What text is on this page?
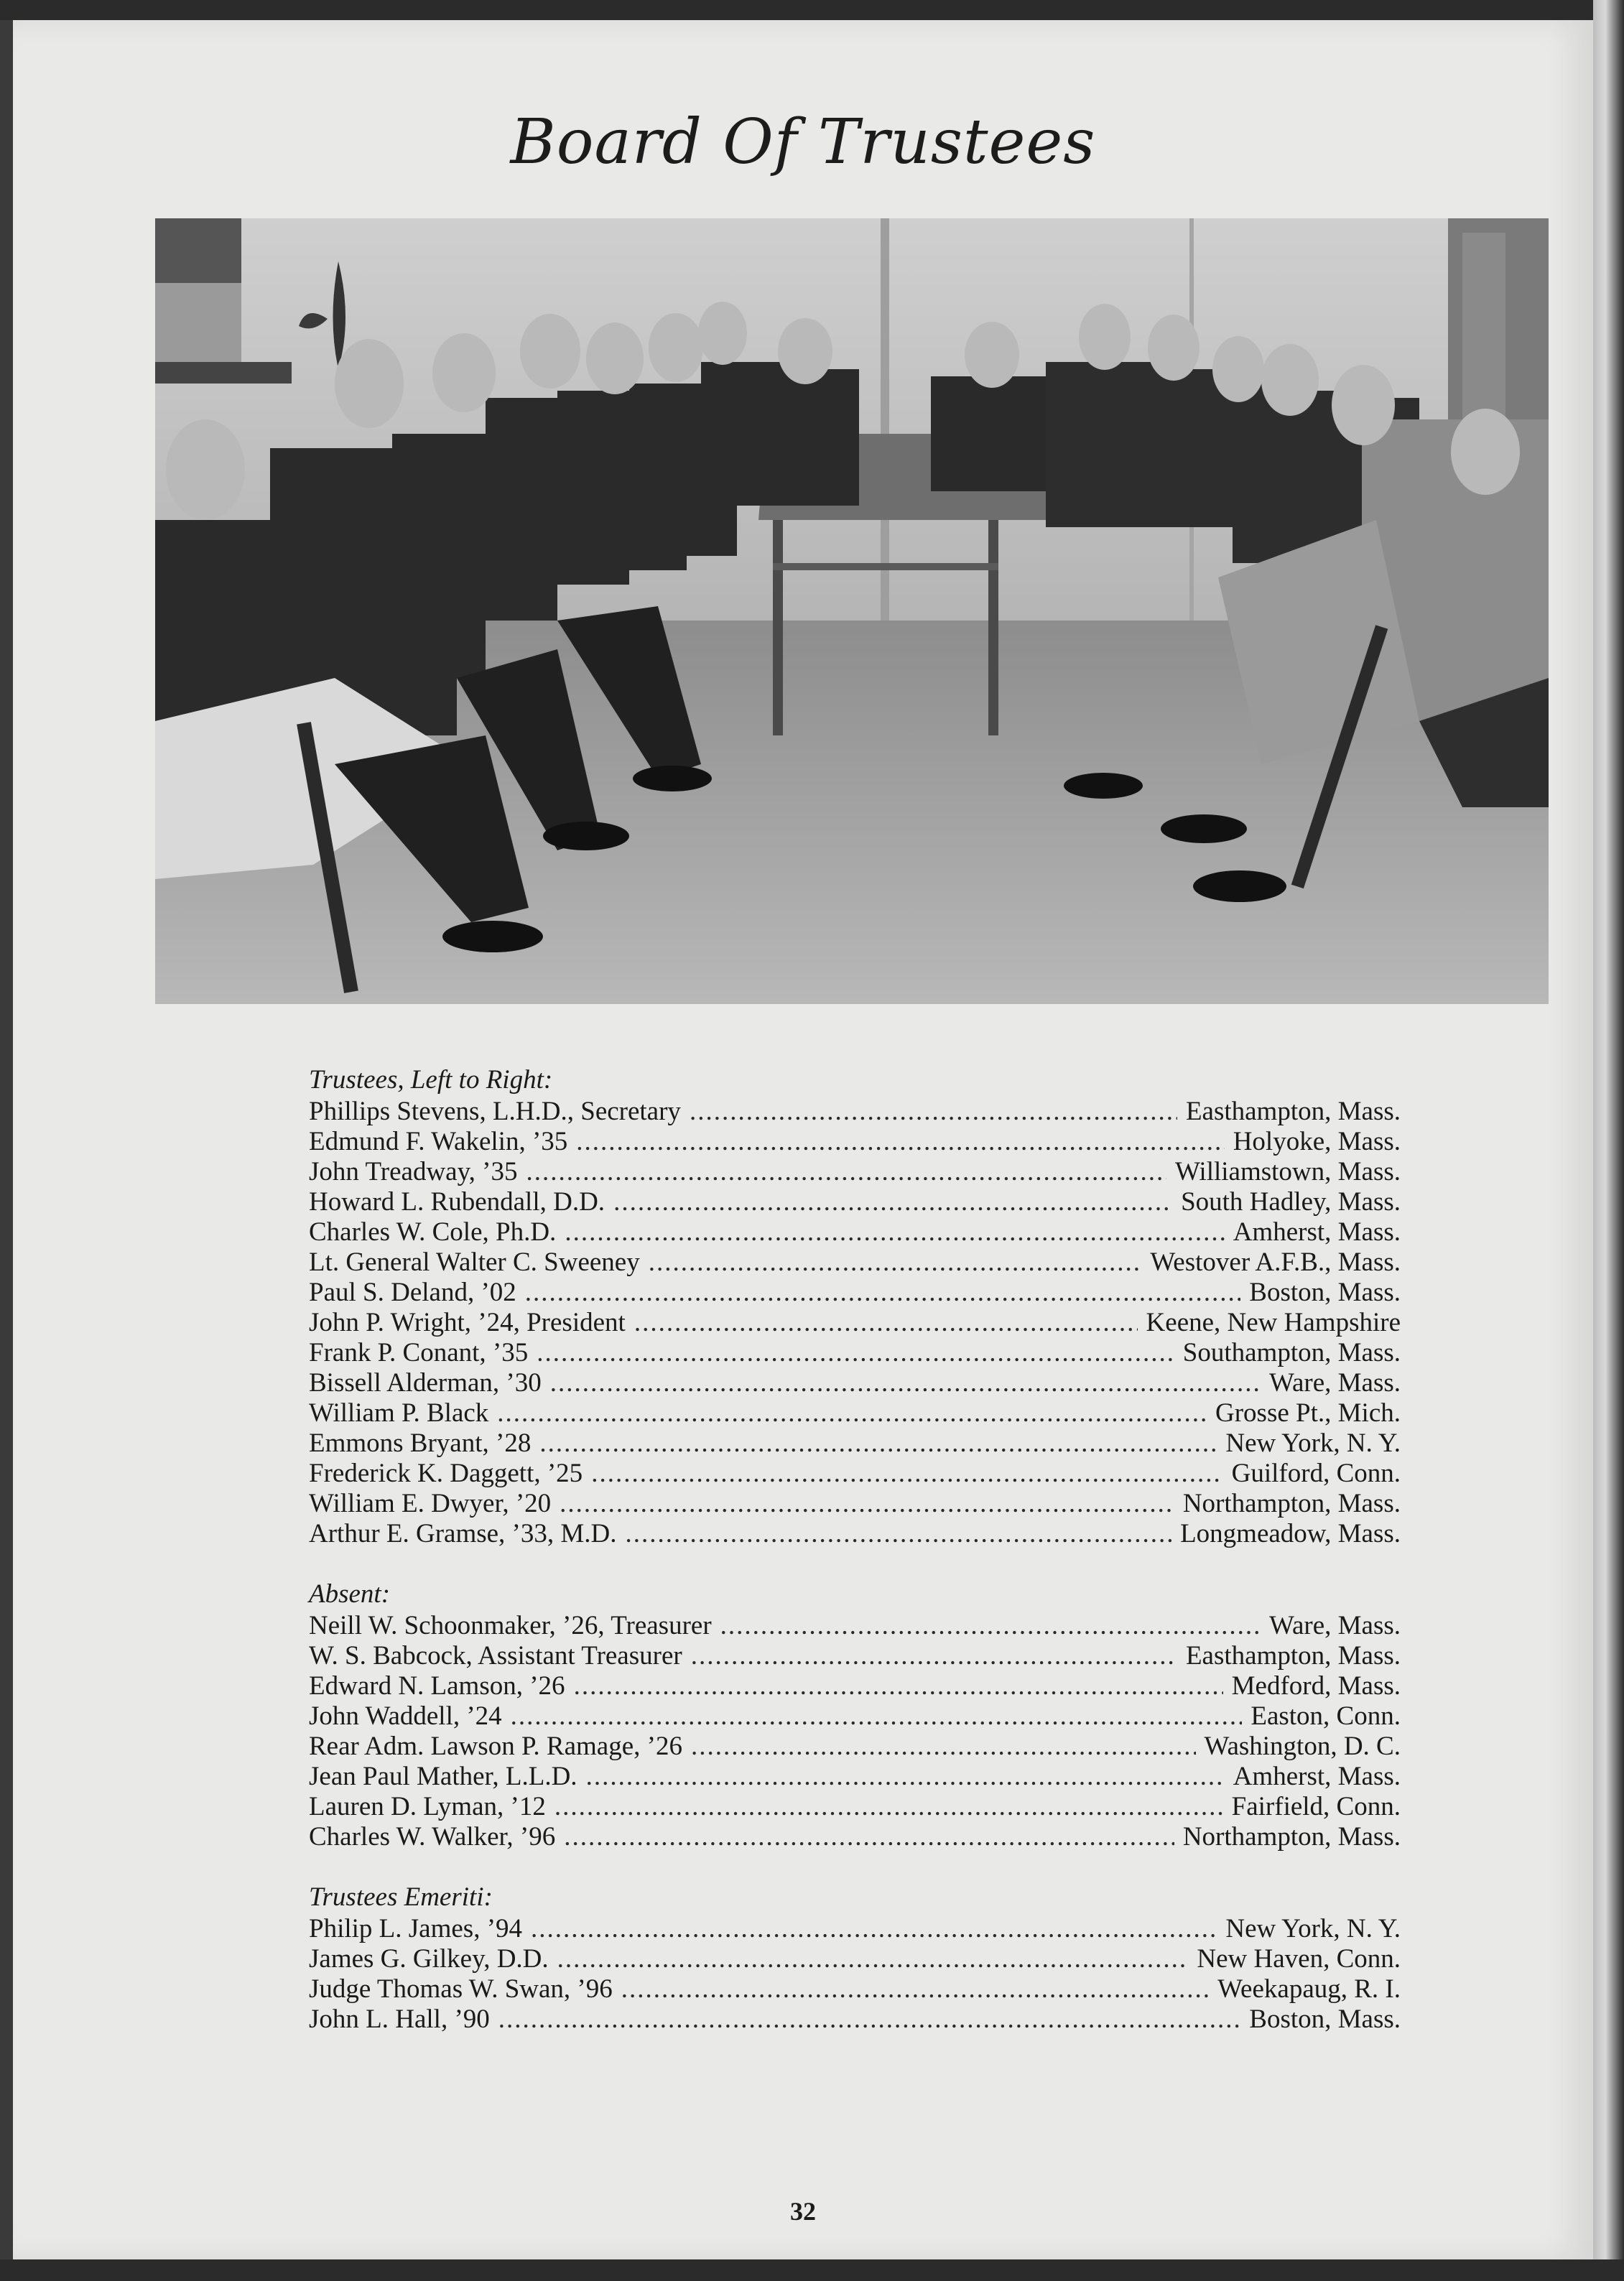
Board Of Trustees
Trustees, Left to Right:
Phillips Stevens, L.H.D., Secretary .....	Easthampton, Mass.
Edmund F. Wakelin, ’35 .....	Holyoke, Mass.
John Treadway, ’35 .....	Williamstown, Mass.
Howard L. Rubendall, D.D. .....	South Hadley, Mass.
Charles W. Cole, Ph.D. .....	Amherst, Mass.
Lt. General Walter C. Sweeney .....	Westover A.F.B., Mass.
Paul S. Deland, ’02 .....	Boston, Mass.
John P. Wright, ’24, President .....	Keene, New Hampshire
Frank P. Conant, ’35 .....	Southampton, Mass.
Bissell Alderman, ’30 .....	Ware, Mass.
William P. Black .....	Grosse Pt., Mich.
Emmons Bryant, ’28 .....	New York, N. Y.
Frederick K. Daggett, ’25 .....	Guilford, Conn.
William E. Dwyer, ’20 .....	Northampton, Mass.
Arthur E. Gramse, ’33, M.D. .....	Longmeadow, Mass.
Absent:
Neill W. Schoonmaker, ’26, Treasurer .....	Ware, Mass.
W. S. Babcock, Assistant Treasurer .....	Easthampton, Mass.
Edward N. Lamson, ’26 .....	Medford, Mass.
John Waddell, ’24 .....	Easton, Conn.
Rear Adm. Lawson P. Ramage, ’26 .....	Washington, D. C.
Jean Paul Mather, L.L.D. .....	Amherst, Mass.
Lauren D. Lyman, ’12 .....	Fairfield, Conn.
Charles W. Walker, ’96 .....	Northampton, Mass.
Trustees Emeriti:
Philip L. James, ’94 .....	New York, N. Y.
James G. Gilkey, D.D. .....	New Haven, Conn.
Judge Thomas W. Swan, ’96 .....	Weekapaug, R. I.
John L. Hall, ’90 .....	Boston, Mass.
32
